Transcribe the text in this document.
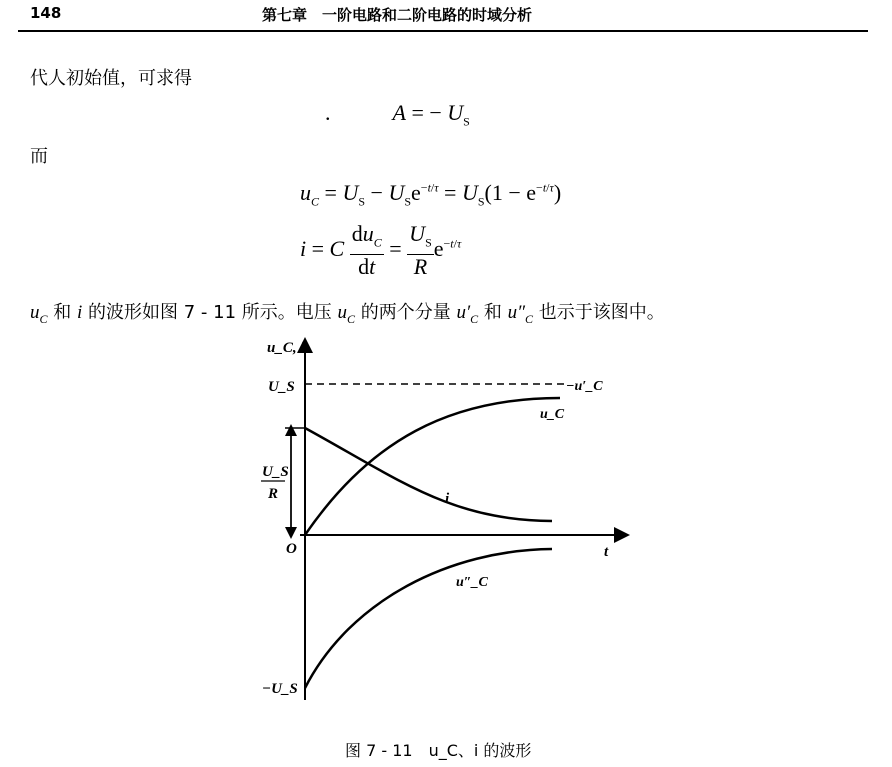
148	第七章　一阶电路和二阶电路的时域分析
代人初始值，可求得
.	A = − $U_S$
而
$u_C = U_S - U_Se^{-t/\tau} = U_S(1 - e^{-t/\tau})$
i = C $\frac{du_C}{dt} = \frac{U_S}{R} e^{-t/\tau}$
$u_C$ 和 i 的波形如图 7 - 11 所示。电压 $u_C$ 的两个分量 $u'_C$ 和 $u''_C$ 也示于该图中。
u_C, i
U_S
U_S
R
O	t
−U_S
−u′_C
u_C
i
u″_C
图 7 - 11　u_C、i 的波形
